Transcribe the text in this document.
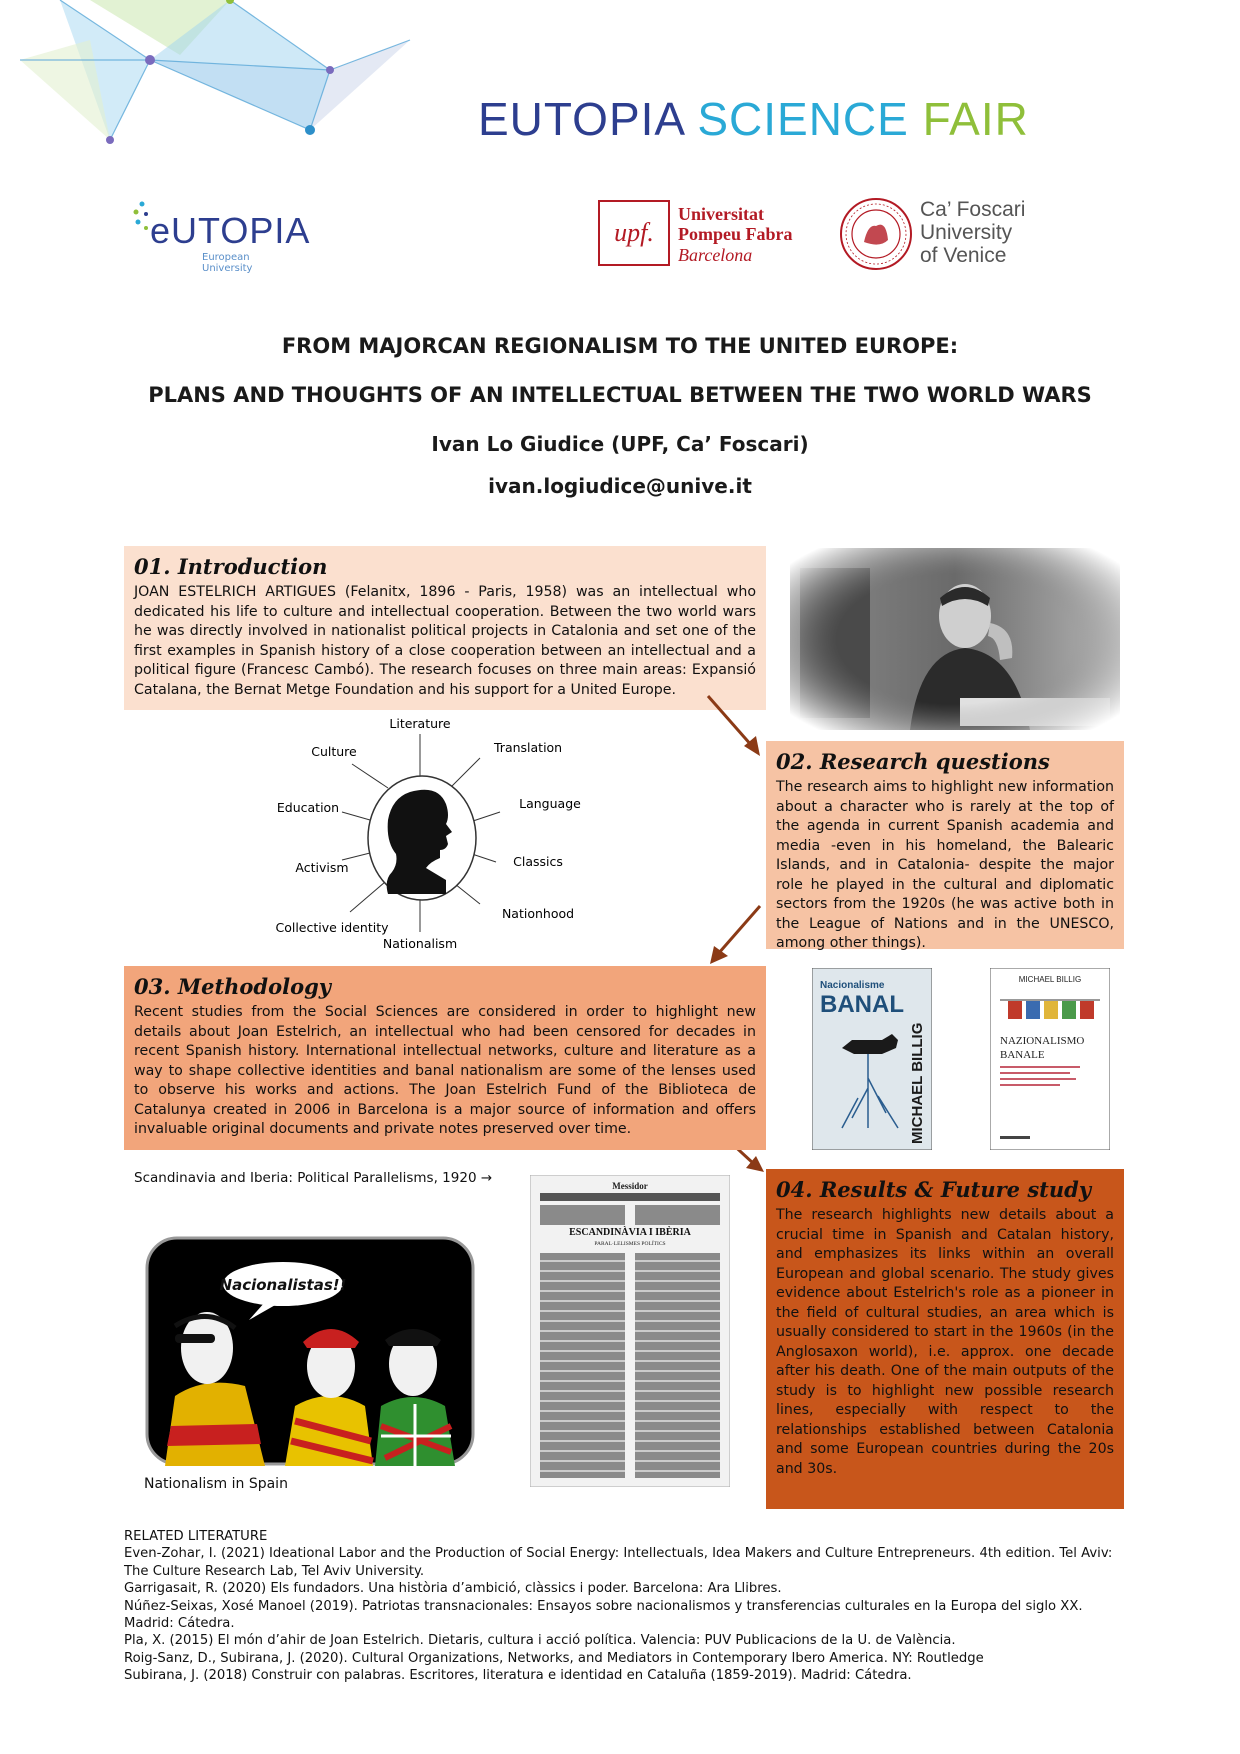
EUTOPIA SCIENCE FAIR
eUTOPIA
European University
upf.
Universitat
Pompeu Fabra
Barcelona
Ca’ Foscari
University
of Venice
FROM MAJORCAN REGIONALISM TO THE UNITED EUROPE:
PLANS AND THOUGHTS OF AN INTELLECTUAL BETWEEN THE TWO WORLD WARS
Ivan Lo Giudice (UPF, Ca’ Foscari)
ivan.logiudice@unive.it
01. Introduction

JOAN ESTELRICH ARTIGUES (Felanitx, 1896 - Paris, 1958) was an intellectual who dedicated his life to culture and intellectual cooperation. Between the two world wars he was directly involved in nationalist political projects in Catalonia and set one of the first examples in Spanish history of a close cooperation between an intellectual and a political figure (Francesc Cambó). The research focuses on three main areas: Expansió Catalana, the Bernat Metge Foundation and his support for a United Europe.

Literature
Translation
Language
Classics
Nationhood
Nationalism
Collective identity
Activism
Education
Culture	02. Research questions

The research aims to highlight new information about a character who is rarely at the top of the agenda in current Spanish academia and media -even in his homeland, the Balearic Islands, and in Catalonia- despite the major role he played in the cultural and diplomatic sectors from the 1920s (he was active both in the League of Nations and in the UNESCO, among other things).

03. Methodology

Recent studies from the Social Sciences are considered in order to highlight new details about Joan Estelrich, an intellectual who had been censored for decades in recent Spanish history. International intellectual networks, culture and literature as a way to shape collective identities and banal nationalism are some of the lenses used to observe his works and actions. The Joan Estelrich Fund of the Biblioteca de Catalunya created in 2006 in Barcelona is a major source of information and offers invaluable original documents and private notes preserved over time.

Nacionalisme
BANAL
MICHAEL BILLIG
MICHAEL BILLIG
NAZIONALISMO
BANALE
Messidor
ESCANDINÀVIA I IBÈRIA
PARAL·LELISMES POLÍTICS
Scandinavia and Iberia: Political Parallelisms, 1920 →
Nacionalistas!!
Nationalism in Spain
04. Results & Future study

The research highlights new details about a crucial time in Spanish and Catalan history, and emphasizes its links within an overall European and global scenario. The study gives evidence about Estelrich's role as a pioneer in the field of cultural studies, an area which is usually considered to start in the 1960s (in the Anglosaxon world), i.e. approx. one decade after his death. One of the main outputs of the study is to highlight new possible research lines, especially with respect to the relationships established between Catalonia and some European countries during the 20s and 30s.

RELATED LITERATURE
Even-Zohar, I. (2021) Ideational Labor and the Production of Social Energy: Intellectuals, Idea Makers and Culture Entrepreneurs. 4th edition. Tel Aviv: The Culture Research Lab, Tel Aviv University.
Garrigasait, R. (2020) Els fundadors. Una història d’ambició, clàssics i poder. Barcelona: Ara Llibres.
Núñez-Seixas, Xosé Manoel (2019). Patriotas transnacionales: Ensayos sobre nacionalismos y transferencias culturales en la Europa del siglo XX. Madrid: Cátedra.
Pla, X. (2015) El món d’ahir de Joan Estelrich. Dietaris, cultura i acció política. Valencia: PUV Publicacions de la U. de València.
Roig-Sanz, D., Subirana, J. (2020). Cultural Organizations, Networks, and Mediators in Contemporary Ibero America. NY: Routledge
Subirana, J. (2018) Construir con palabras. Escritores, literatura e identidad en Cataluña (1859-2019). Madrid: Cátedra.
